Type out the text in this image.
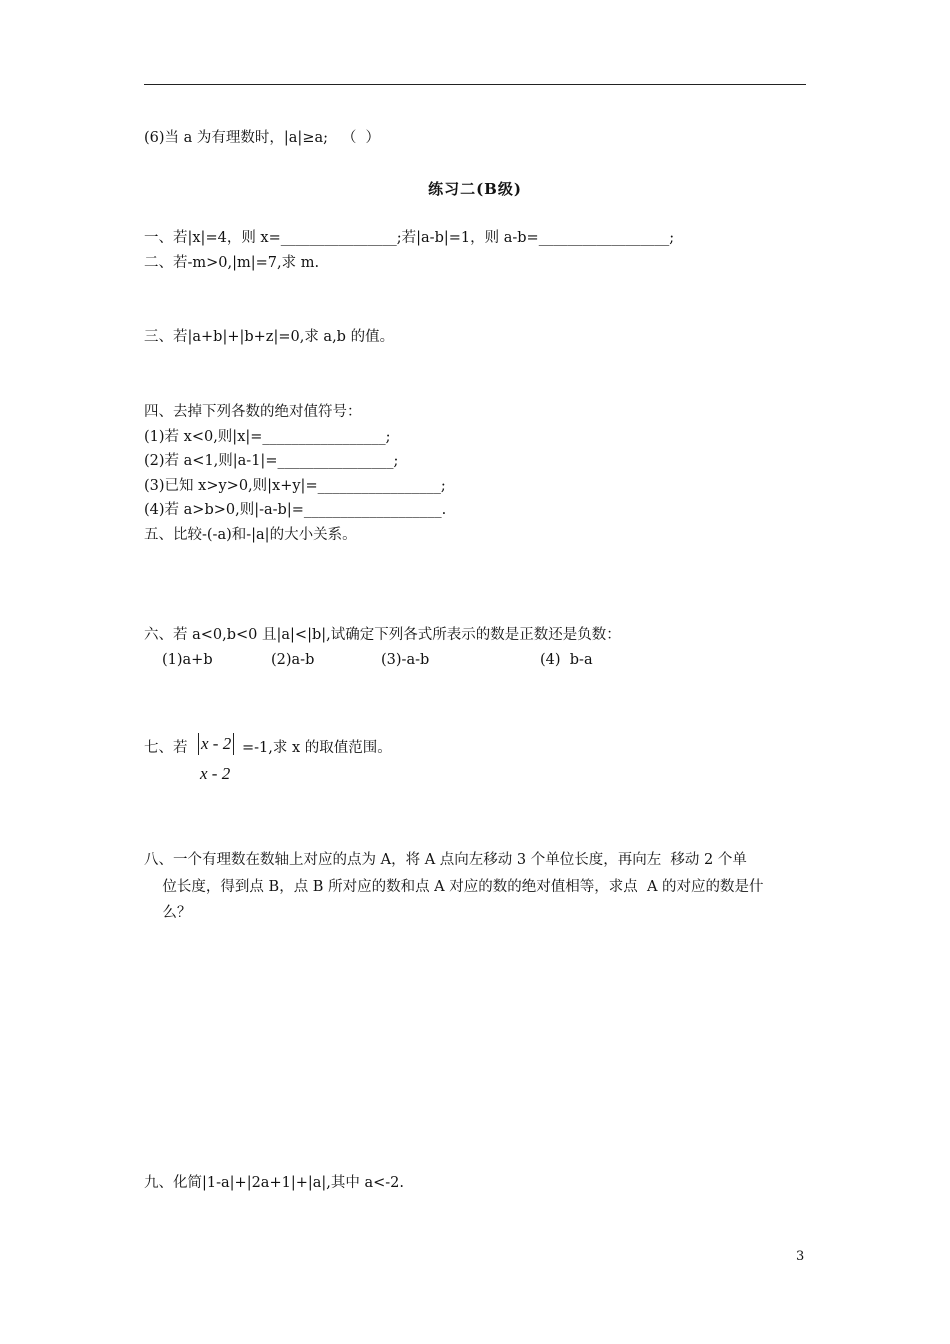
(6)当 a 为有理数时，|a|≥a;   （  ）
练习二(B级)
一、若|x|=4，则 x=________________;若|a-b|=1，则 a-b=__________________;
二、若-m>0,|m|=7,求 m.
三、若|a+b|+|b+z|=0,求 a,b 的值。
四、去掉下列各数的绝对值符号：
(1)若 x<0,则|x|=_________________;
(2)若 a<1,则|a-1|=________________;
(3)已知 x>y>0,则|x+y|=_________________;
(4)若 a>b>0,则|-a-b|=___________________.
五、比较-(-a)和-|a|的大小关系。
六、若 a<0,b<0 且|a|<|b|,试确定下列各式所表示的数是正数还是负数：
(1)a+b	(2)a-b	(3)-a-b	(4)  b-a
七、若 x - 2
x - 2
=-1,求 x 的取值范围。
八、一个有理数在数轴上对应的点为 A，将 A 点向左移动 3 个单位长度，再向左  移动 2 个单
位长度，得到点 B，点 B 所对应的数和点 A 对应的数的绝对值相等，求点  A 的对应的数是什
么？
九、化简|1-a|+|2a+1|+|a|,其中 a<-2.
3
